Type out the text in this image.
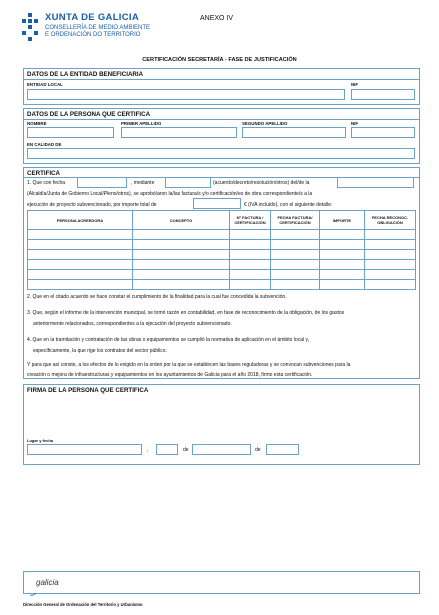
XUNTA DE GALICIA
CONSELLERÍA DE MEDIO AMBIENTE
E ORDENACIÓN DO TERRITORIO
ANEXO IV
CERTIFICACIÓN SECRETARÍA - FASE DE JUSTIFICACIÓN
DATOS DE LA ENTIDAD BENEFICIARIA
ENTIDAD LOCAL	NIF
DATOS DE LA PERSONA QUE CERTIFICA
NOMBRE	PRIMER APELLIDO	SEGUNDO APELLIDO	NIF
EN CALIDAD DE
CERTIFICA
1. Que con fecha	, mediante	(acuerdo/decreto/resolución/otros) del/de la
(Alcaldía/Junta de Gobierno Local/Pleno/otros), se aprobó/aron la/las factura/s y/o certificación/es de obra correspondiente/s a la
ejecución de proyecto subvencionado, por importe total de	€ (IVA incluido), con el siguiente detalle:
PERSONA ACREEDORA	CONCEPTO	Nº FACTURA / CERTIFICACIÓN	FECHA FACTURA/ CERTIFICACIÓN	IMPORTE	FECHA RECONOC. OBLIGACIÓN

2. Que en el citado acuerdo se hace constar el cumplimiento de la finalidad para la cual fue concedida la subvención.
3. Que, según el informe de la intervención municipal, se tomó razón en contabilidad, en fase de reconocimiento de la obligación, de los gastos
anteriormente relacionados, correspondientes a la ejecución del proyecto subvencionado.
4. Que en la tramitación y contratación de las obras o equipamientos se cumplió la normativa de aplicación en el ámbito local y,
específicamente, la que rige los contratos del sector público.
Y para que así conste, a los efectos de lo exigido en la orden por la que se establecen las bases reguladoras y se convocan subvenciones para la
creación o mejora de infraestructuras y equipamientos en los ayuntamientos de Galicia para el año 2018, firmo esta certificación.
FIRMA DE LA PERSONA QUE CERTIFICA
Lugar y fecha
,	de	de
galicia
Dirección General de Ordenación del Territorio y Urbanismo
